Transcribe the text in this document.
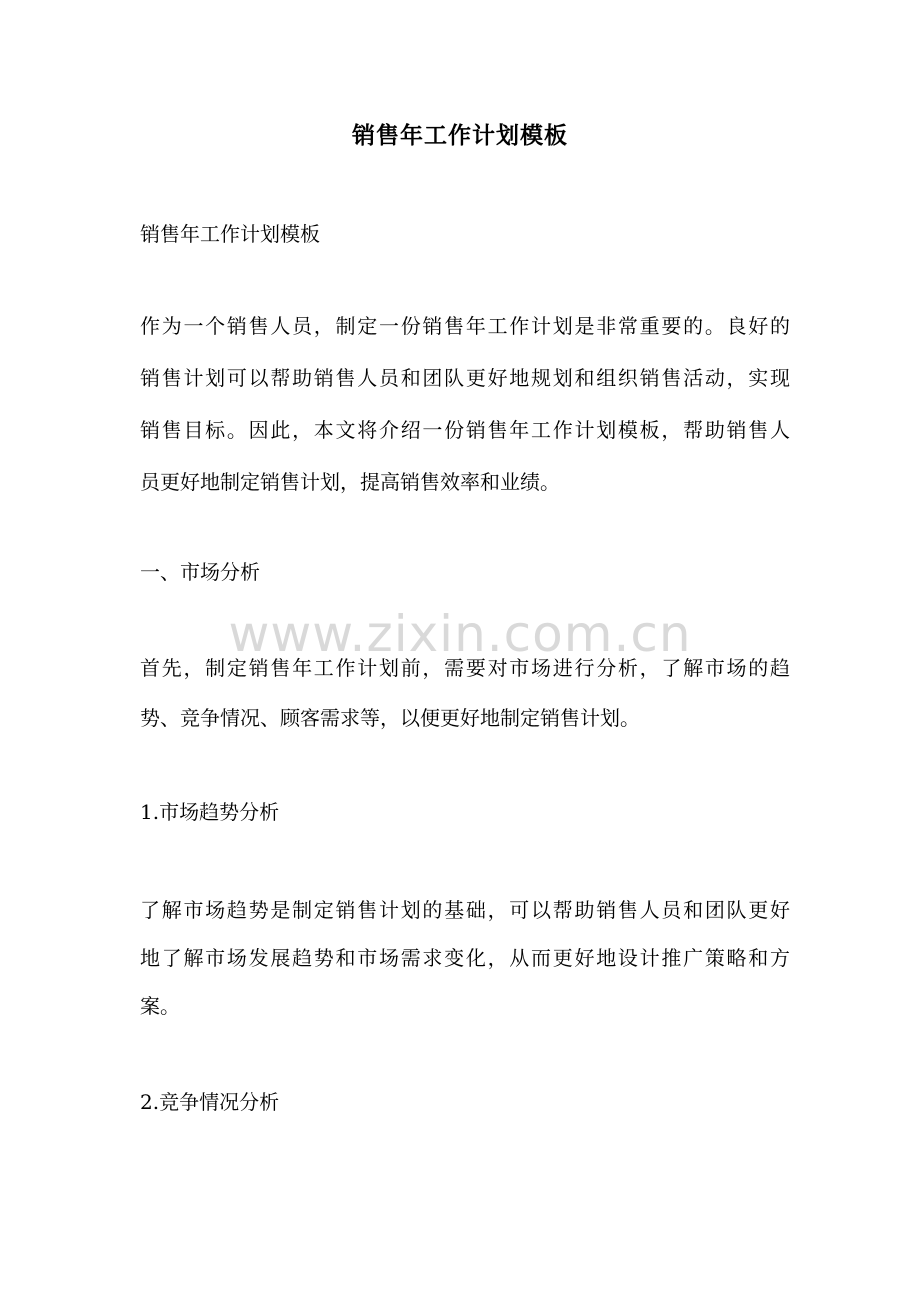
销售年工作计划模板
销售年工作计划模板
作为一个销售人员，制定一份销售年工作计划是非常重要的。良好的
销售计划可以帮助销售人员和团队更好地规划和组织销售活动，实现
销售目标。因此，本文将介绍一份销售年工作计划模板，帮助销售人
员更好地制定销售计划，提高销售效率和业绩。
一、市场分析
www.zixin.com.cn
首先，制定销售年工作计划前，需要对市场进行分析，了解市场的趋
势、竞争情况、顾客需求等，以便更好地制定销售计划。
1.市场趋势分析
了解市场趋势是制定销售计划的基础，可以帮助销售人员和团队更好
地了解市场发展趋势和市场需求变化，从而更好地设计推广策略和方
案。
2.竞争情况分析
